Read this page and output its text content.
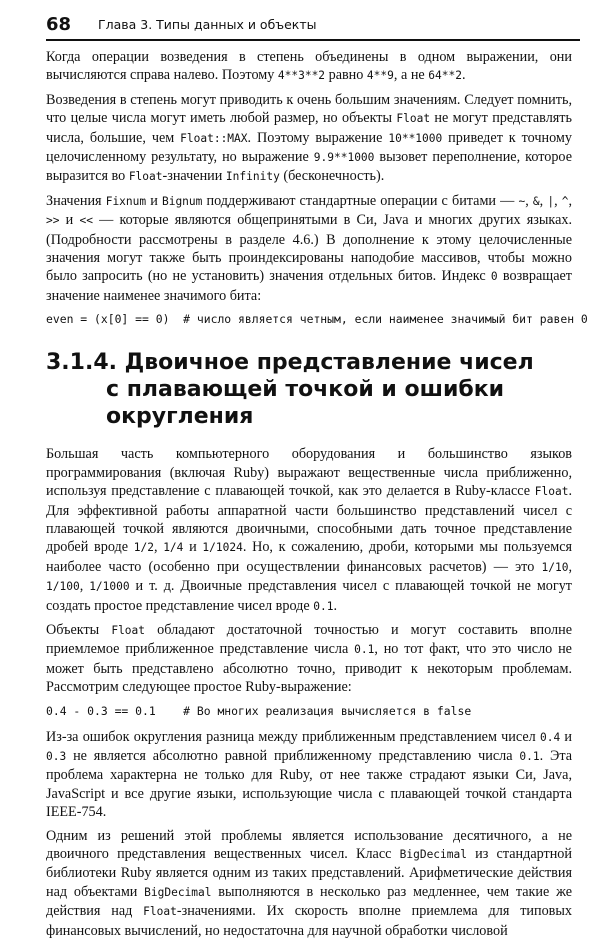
68 Глава 3. Типы данных и объекты

Когда операции возведения в степень объединены в одном выражении, они вычисляются справа налево. Поэтому 4**3**2 равно 4**9, а не 64**2.

Возведения в степень могут приводить к очень большим значениям. Следует помнить, что целые числа могут иметь любой размер, но объекты Float не могут представлять числа, большие, чем Float::MAX. Поэтому выражение 10**1000 приведет к точному целочисленному результату, но выражение 9.9**1000 вызовет переполнение, которое выразится во Float-значении Infinity (бесконечность).

Значения Fixnum и Bignum поддерживают стандартные операции с битами — ~, &, |, ^, >> и << — которые являются общепринятыми в Си, Java и многих других языках. (Подробности рассмотрены в разделе 4.6.) В дополнение к этому целочисленные значения могут также быть проиндексированы наподобие массивов, чтобы можно было запросить (но не установить) значения отдельных битов. Индекс 0 возвращает значение наименее значимого бита:

even = (x[0] == 0)  # число является четным, если наименее значимый бит равен 0
3.1.4. Двоичное представление чисел
с плавающей точкой и ошибки округления

Большая часть компьютерного оборудования и большинство языков программирования (включая Ruby) выражают вещественные числа приближенно, используя представление с плавающей точкой, как это делается в Ruby-классе Float. Для эффективной работы аппаратной части большинство представлений чисел с плавающей точкой являются двоичными, способными дать точное представление дробей вроде 1/2, 1/4 и 1/1024. Но, к сожалению, дроби, которыми мы пользуемся наиболее часто (особенно при осуществлении финансовых расчетов) — это 1/10, 1/100, 1/1000 и т. д. Двоичные представления чисел с плавающей точкой не могут создать простое представление чисел вроде 0.1.

Объекты Float обладают достаточной точностью и могут составить вполне приемлемое приближенное представление числа 0.1, но тот факт, что это число не может быть представлено абсолютно точно, приводит к некоторым проблемам. Рассмотрим следующее простое Ruby-выражение:

0.4 - 0.3 == 0.1    # Во многих реализация вычисляется в false

Из-за ошибок округления разница между приближенным представлением чисел 0.4 и 0.3 не является абсолютно равной приближенному представлению числа 0.1. Эта проблема характерна не только для Ruby, от нее также страдают языки Си, Java, JavaScript и все другие языки, использующие числа с плавающей точкой стандарта IEEE-754.

Одним из решений этой проблемы является использование десятичного, а не двоичного представления вещественных чисел. Класс BigDecimal из стандартной библиотеки Ruby является одним из таких представлений. Арифметические действия над объектами BigDecimal выполняются в несколько раз медленнее, чем такие же действия над Float-значениями. Их скорость вполне приемлема для типовых финансовых вычислений, но недостаточна для научной обработки числовой
